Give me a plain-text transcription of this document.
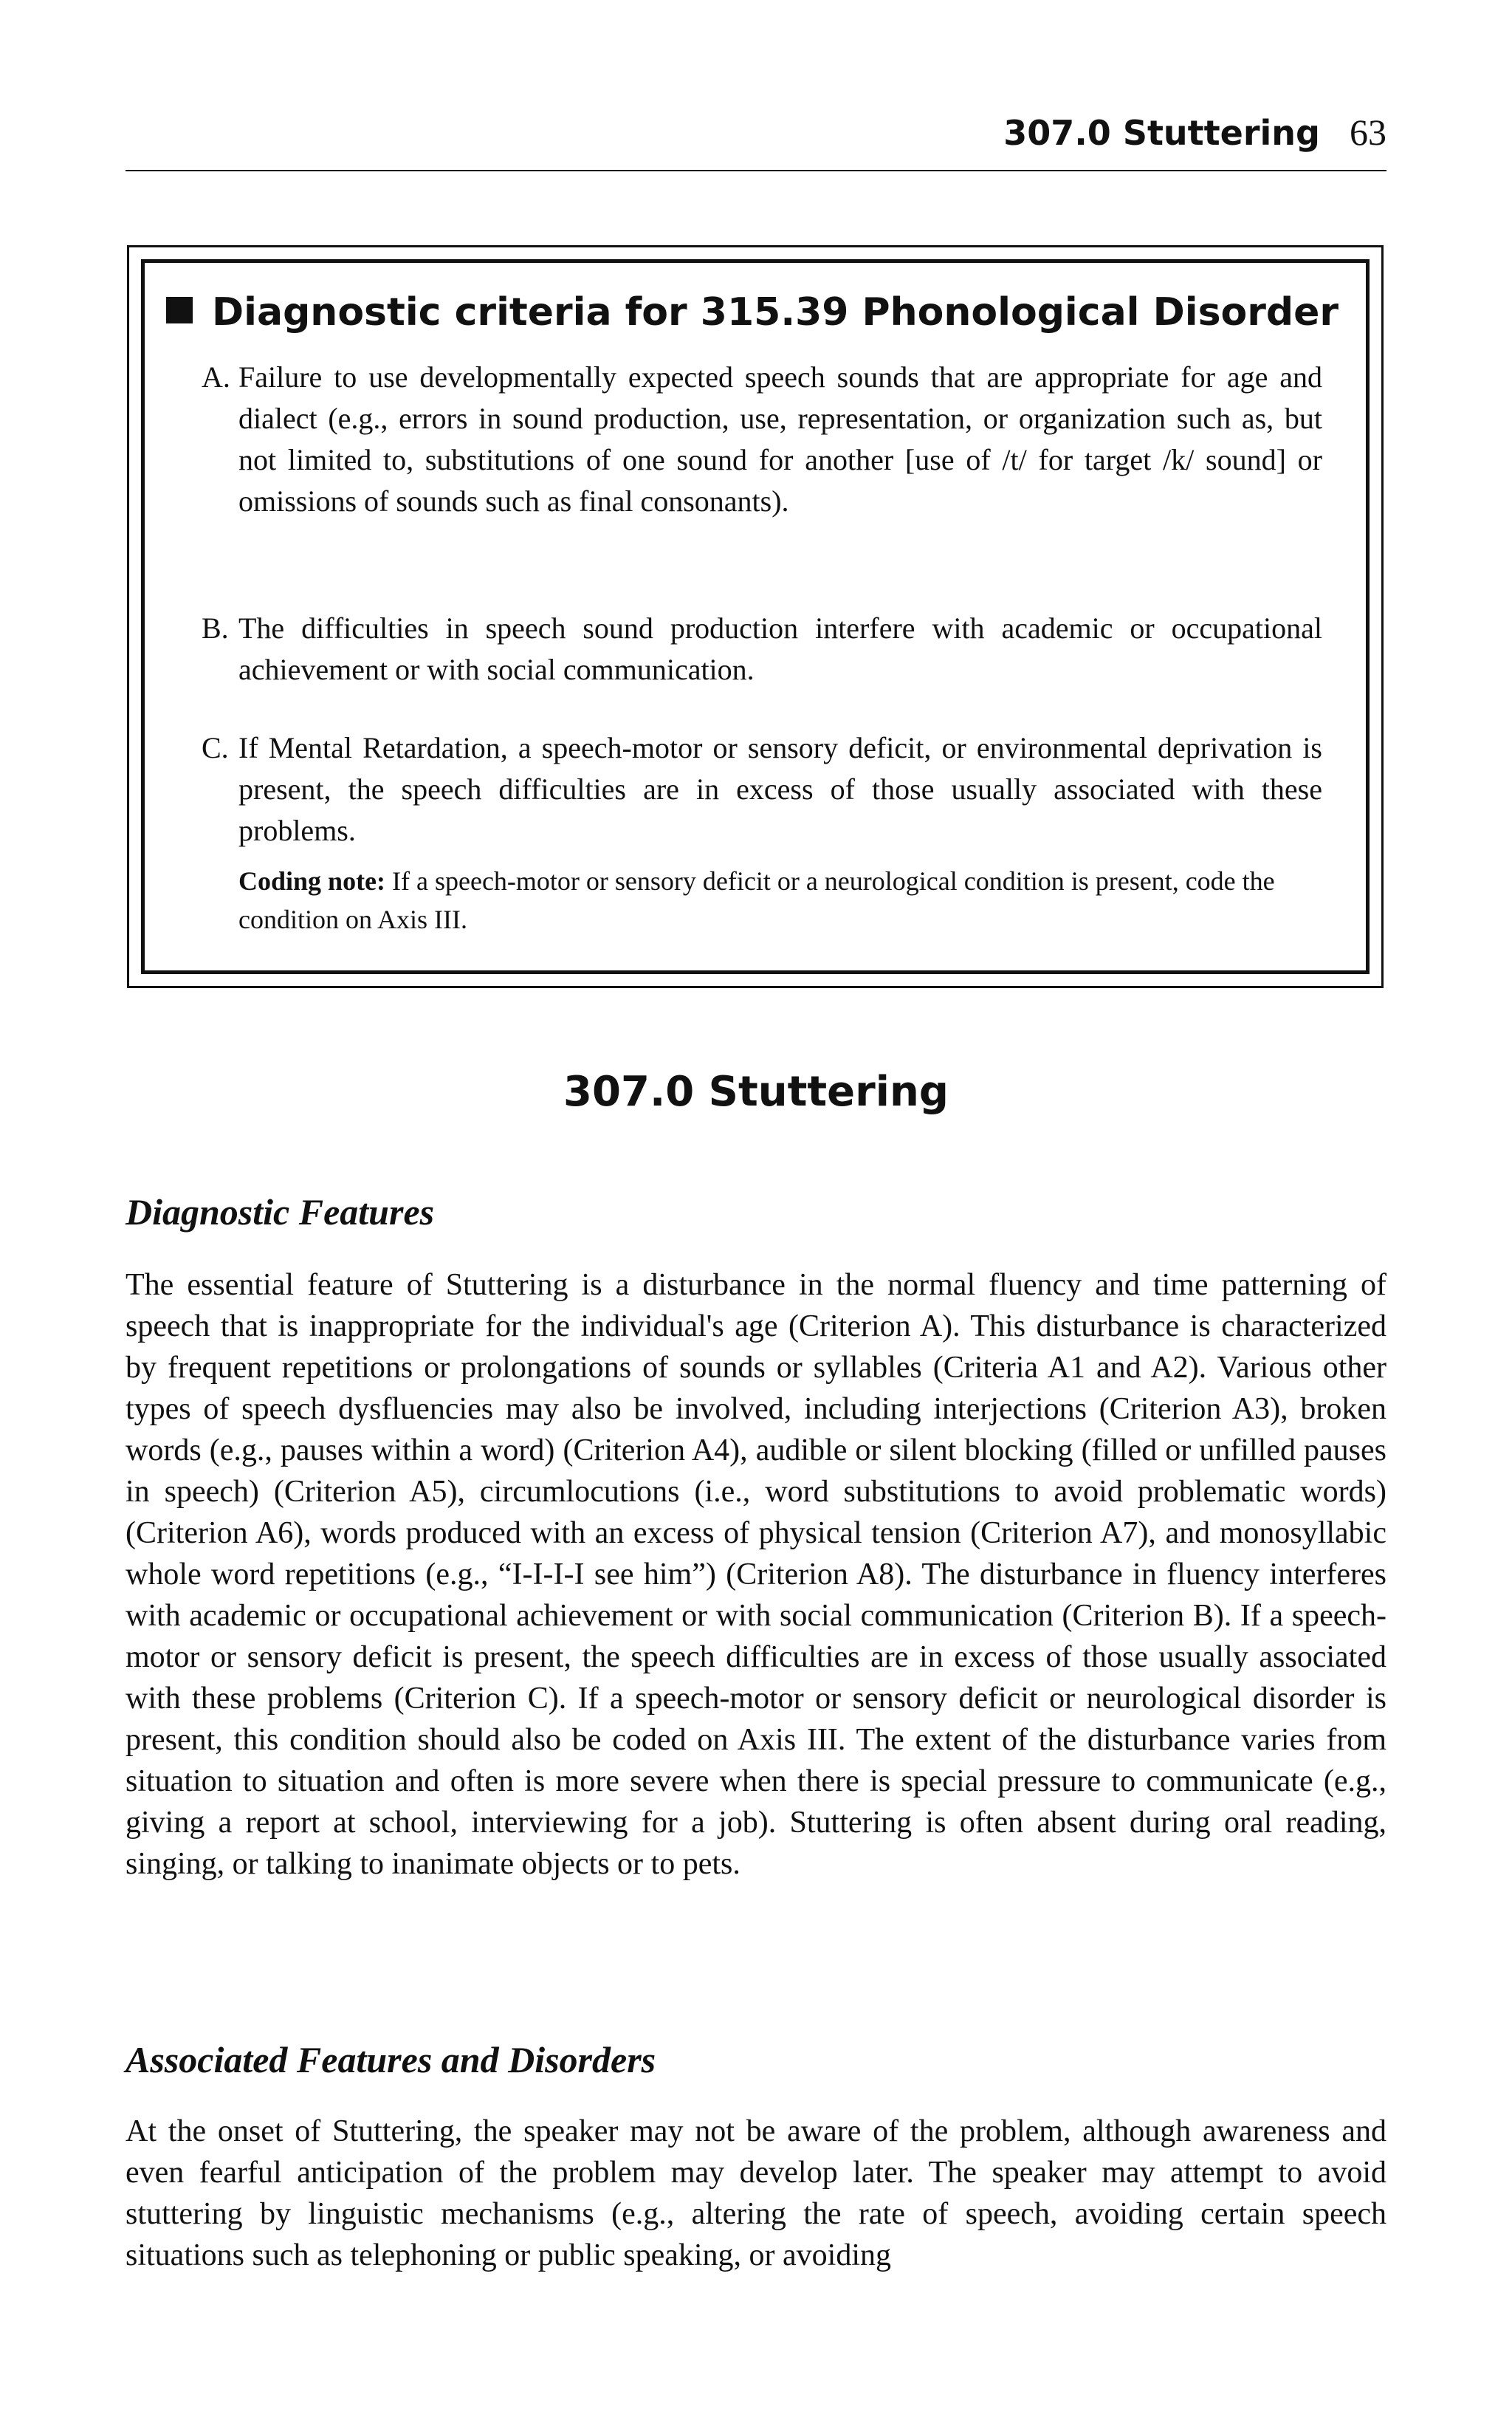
307.0 Stuttering 63
Diagnostic criteria for 315.39 Phonological Disorder
A. Failure to use developmentally expected speech sounds that are appropriate for age and dialect (e.g., errors in sound production, use, representation, or organization such as, but not limited to, substitutions of one sound for another [use of /t/ for target /k/ sound] or omissions of sounds such as final consonants).
B. The difficulties in speech sound production interfere with academic or occupational achievement or with social communication.
C. If Mental Retardation, a speech-motor or sensory deficit, or environmental deprivation is present, the speech difficulties are in excess of those usually associated with these problems.
Coding note: If a speech-motor or sensory deficit or a neurological condition is present, code the condition on Axis III.
307.0 Stuttering
Diagnostic Features
The essential feature of Stuttering is a disturbance in the normal fluency and time patterning of speech that is inappropriate for the individual's age (Criterion A). This disturbance is characterized by frequent repetitions or prolongations of sounds or syllables (Criteria A1 and A2). Various other types of speech dysfluencies may also be involved, including interjections (Criterion A3), broken words (e.g., pauses within a word) (Criterion A4), audible or silent blocking (filled or unfilled pauses in speech) (Criterion A5), circumlocutions (i.e., word substitutions to avoid problematic words) (Criterion A6), words produced with an excess of physical tension (Criterion A7), and monosyllabic whole word repetitions (e.g., “I-I-I-I see him”) (Criterion A8). The disturbance in fluency interferes with academic or occupational achievement or with social communication (Criterion B). If a speech-motor or sensory deficit is present, the speech difficulties are in excess of those usually associated with these problems (Criterion C). If a speech-motor or sensory deficit or neurological disorder is present, this condition should also be coded on Axis III. The extent of the disturbance varies from situation to situation and often is more severe when there is special pressure to communicate (e.g., giving a report at school, interviewing for a job). Stuttering is often absent during oral reading, singing, or talking to inanimate objects or to pets.
Associated Features and Disorders
At the onset of Stuttering, the speaker may not be aware of the problem, although awareness and even fearful anticipation of the problem may develop later. The speaker may attempt to avoid stuttering by linguistic mechanisms (e.g., altering the rate of speech, avoiding certain speech situations such as telephoning or public speaking, or avoiding
